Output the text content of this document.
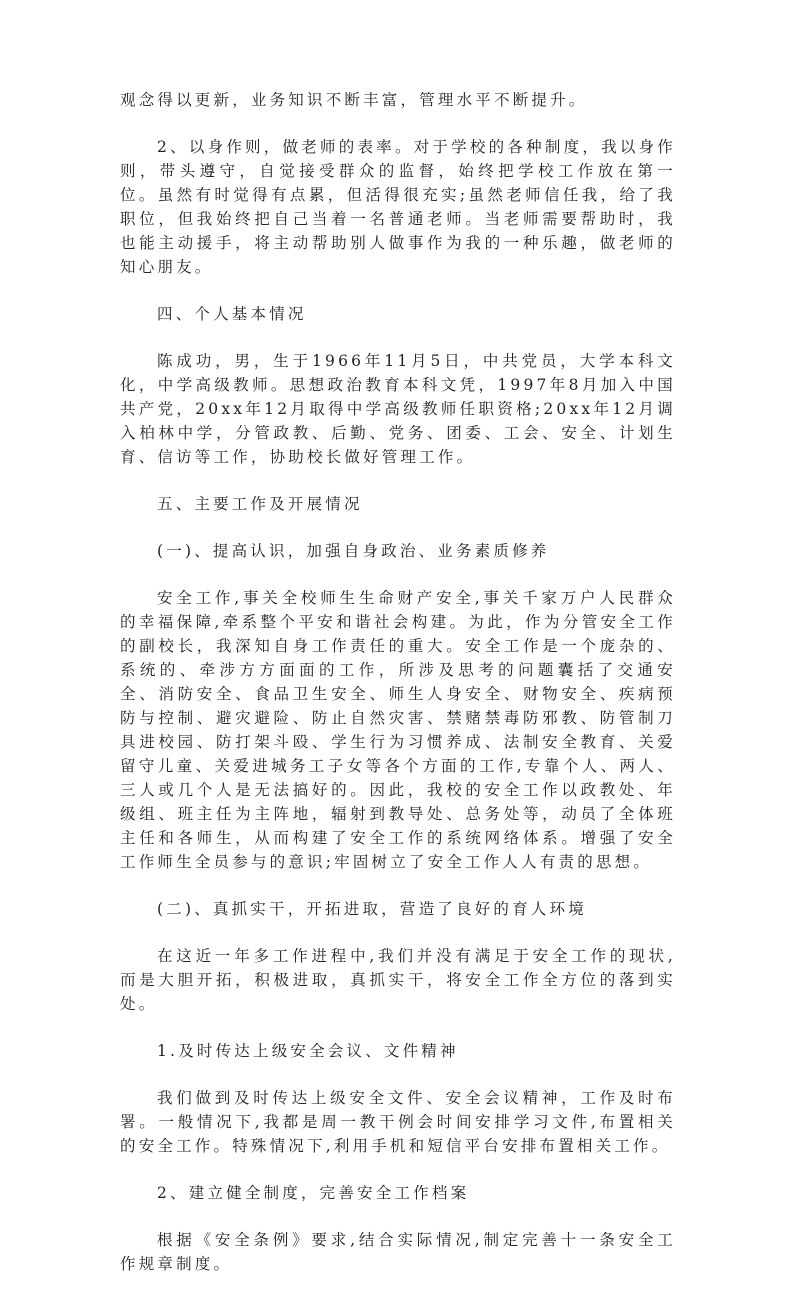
观念得以更新，业务知识不断丰富，管理水平不断提升。

2、以身作则，做老师的表率。对于学校的各种制度，我以身作则，带头遵守，自觉接受群众的监督，始终把学校工作放在第一位。虽然有时觉得有点累，但活得很充实;虽然老师信任我，给了我职位，但我始终把自己当着一名普通老师。当老师需要帮助时，我也能主动援手，将主动帮助别人做事作为我的一种乐趣，做老师的知心朋友。

四、个人基本情况

陈成功，男，生于1966年11月5日，中共党员，大学本科文化，中学高级教师。思想政治教育本科文凭，1997年8月加入中国共产党，20xx年12月取得中学高级教师任职资格;20xx年12月调入柏林中学，分管政教、后勤、党务、团委、工会、安全、计划生育、信访等工作，协助校长做好管理工作。

五、主要工作及开展情况

(一)、提高认识，加强自身政治、业务素质修养

安全工作,事关全校师生生命财产安全,事关千家万户人民群众的幸福保障,牵系整个平安和谐社会构建。为此，作为分管安全工作的副校长，我深知自身工作责任的重大。安全工作是一个庞杂的、系统的、牵涉方方面面的工作，所涉及思考的问题囊括了交通安全、消防安全、食品卫生安全、师生人身安全、财物安全、疾病预防与控制、避灾避险、防止自然灾害、禁赌禁毒防邪教、防管制刀具进校园、防打架斗殴、学生行为习惯养成、法制安全教育、关爱留守儿童、关爱进城务工子女等各个方面的工作,专靠个人、两人、三人或几个人是无法搞好的。因此，我校的安全工作以政教处、年级组、班主任为主阵地，辐射到教导处、总务处等，动员了全体班主任和各师生，从而构建了安全工作的系统网络体系。增强了安全工作师生全员参与的意识;牢固树立了安全工作人人有责的思想。

(二)、真抓实干，开拓进取，营造了良好的育人环境

在这近一年多工作进程中,我们并没有满足于安全工作的现状,而是大胆开拓，积极进取，真抓实干，将安全工作全方位的落到实处。

1.及时传达上级安全会议、文件精神

我们做到及时传达上级安全文件、安全会议精神，工作及时布署。一般情况下,我都是周一教干例会时间安排学习文件,布置相关的安全工作。特殊情况下,利用手机和短信平台安排布置相关工作。

2、建立健全制度，完善安全工作档案

根据《安全条例》要求,结合实际情况,制定完善十一条安全工作规章制度。
